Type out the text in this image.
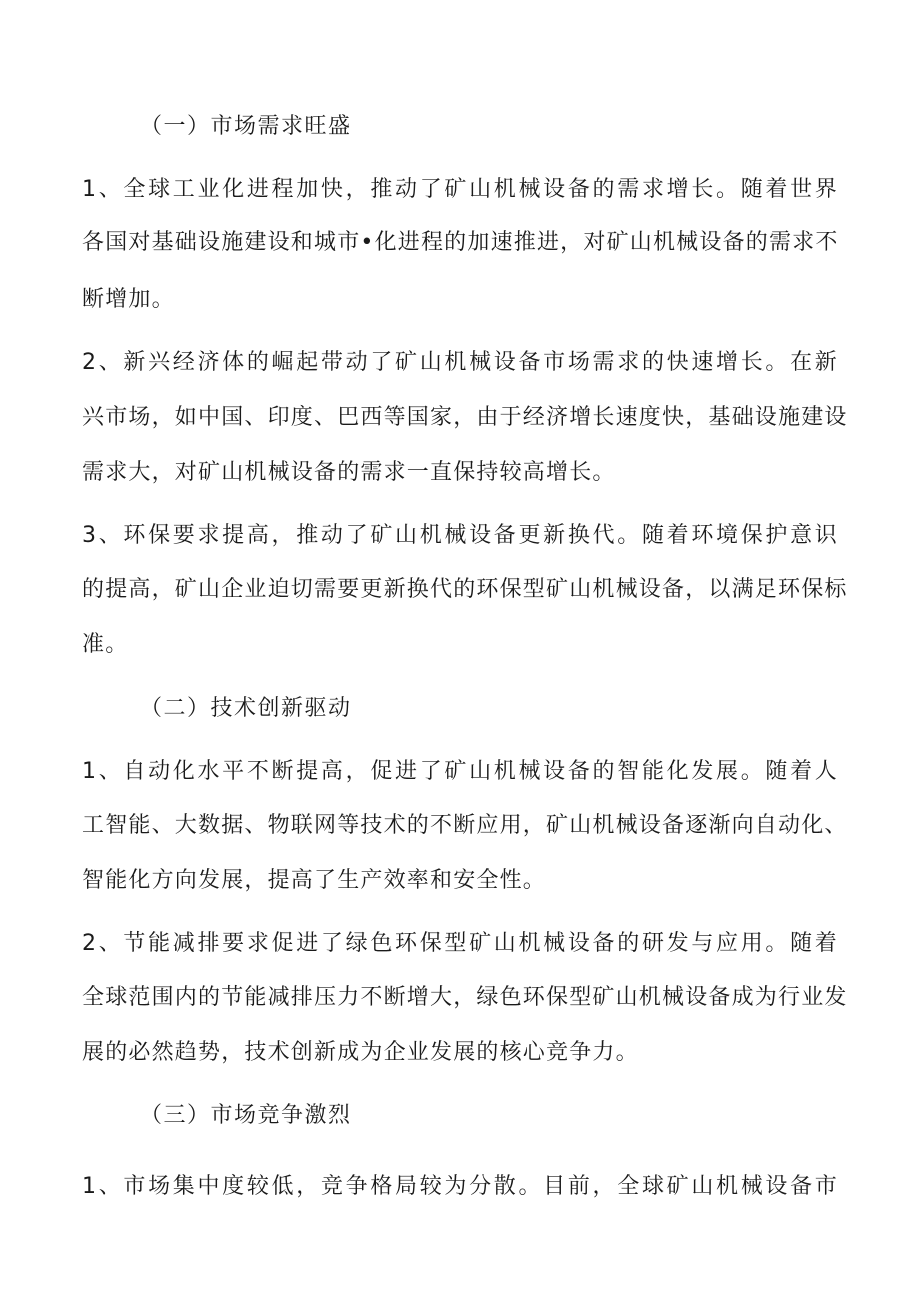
（一）市场需求旺盛
1、全球工业化进程加快，推动了矿山机械设备的需求增长。随着世界
各国对基础设施建设和城市•化进程的加速推进，对矿山机械设备的需求不
断增加。
2、新兴经济体的崛起带动了矿山机械设备市场需求的快速增长。在新
兴市场，如中国、印度、巴西等国家，由于经济增长速度快，基础设施建设
需求大，对矿山机械设备的需求一直保持较高增长。
3、环保要求提高，推动了矿山机械设备更新换代。随着环境保护意识
的提高，矿山企业迫切需要更新换代的环保型矿山机械设备，以满足环保标
准。
（二）技术创新驱动
1、自动化水平不断提高，促进了矿山机械设备的智能化发展。随着人
工智能、大数据、物联网等技术的不断应用，矿山机械设备逐渐向自动化、
智能化方向发展，提高了生产效率和安全性。
2、节能减排要求促进了绿色环保型矿山机械设备的研发与应用。随着
全球范围内的节能减排压力不断增大，绿色环保型矿山机械设备成为行业发
展的必然趋势，技术创新成为企业发展的核心竞争力。
（三）市场竞争激烈
1、市场集中度较低，竞争格局较为分散。目前，全球矿山机械设备市
